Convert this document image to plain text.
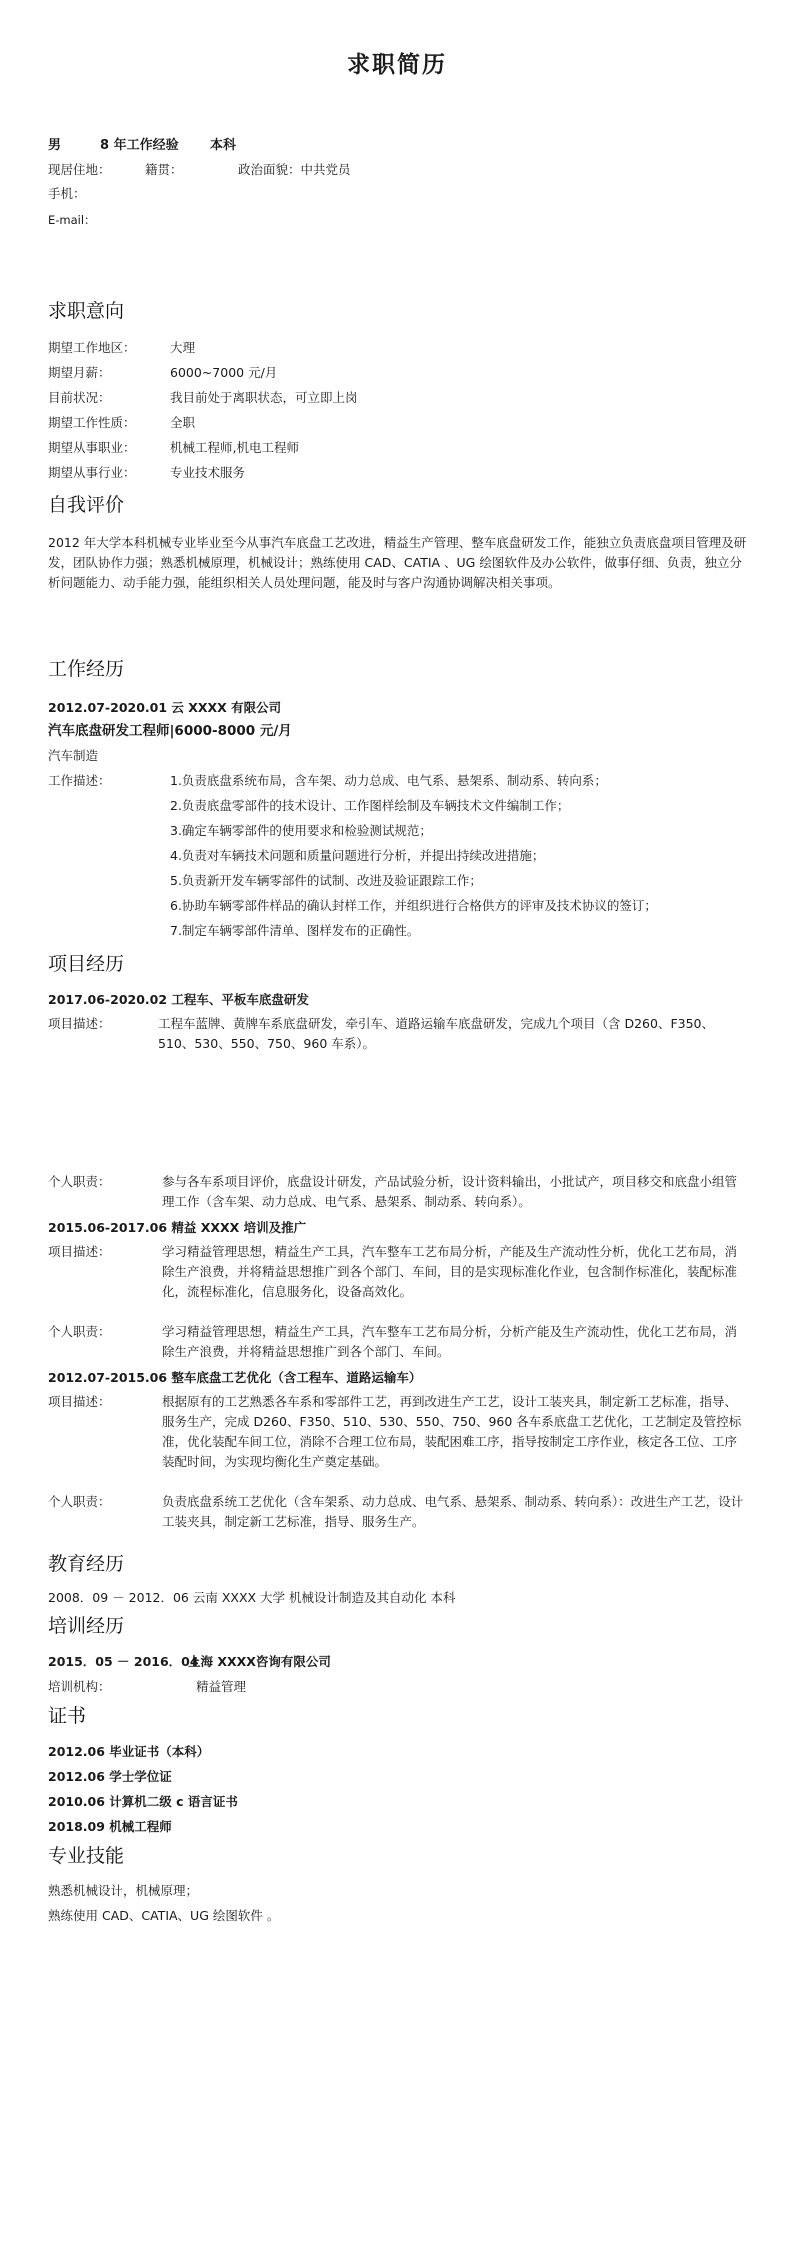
求职简历
男	8 年工作经验 本科
现居住地：	籍贯：	政治面貌：中共党员
手机：
E-mail：
求职意向
期望工作地区：	大理
期望月薪：	6000~7000 元/月
目前状况：	我目前处于离职状态，可立即上岗
期望工作性质：	全职
期望从事职业：	机械工程师,机电工程师
期望从事行业：	专业技术服务
自我评价
2012 年大学本科机械专业毕业至今从事汽车底盘工艺改进，精益生产管理、整车底盘研发工作，能独立负责底盘项目管理及研发，团队协作力强；熟悉机械原理，机械设计；熟练使用 CAD、CATIA 、UG 绘图软件及办公软件，做事仔细、负责，独立分析问题能力、动手能力强，能组织相关人员处理问题，能及时与客户沟通协调解决相关事项。
工作经历
2012.07-2020.01 云 XXXX 有限公司
汽车底盘研发工程师|6000-8000 元/月
汽车制造
工作描述：	1.负责底盘系统布局，含车架、动力总成、电气系、悬架系、制动系、转向系；
2.负责底盘零部件的技术设计、工作图样绘制及车辆技术文件编制工作；
3.确定车辆零部件的使用要求和检验测试规范；
4.负责对车辆技术问题和质量问题进行分析，并提出持续改进措施；
5.负责新开发车辆零部件的试制、改进及验证跟踪工作；
6.协助车辆零部件样品的确认封样工作，并组织进行合格供方的评审及技术协议的签订；
7.制定车辆零部件清单、图样发布的正确性。
项目经历
2017.06-2020.02 工程车、平板车底盘研发
项目描述：	工程车蓝牌、黄牌车系底盘研发，牵引车、道路运输车底盘研发，完成九个项目（含 D260、F350、510、530、550、750、960 车系）。
个人职责：	参与各车系项目评价，底盘设计研发，产品试验分析，设计资料输出，小批试产，项目移交和底盘小组管理工作（含车架、动力总成、电气系、悬架系、制动系、转向系）。
2015.06-2017.06 精益 XXXX 培训及推广
项目描述：	学习精益管理思想，精益生产工具，汽车整车工艺布局分析，产能及生产流动性分析，优化工艺布局，消除生产浪费，并将精益思想推广到各个部门、车间，目的是实现标准化作业，包含制作标准化，装配标准化，流程标准化，信息服务化，设备高效化。
个人职责：	学习精益管理思想，精益生产工具，汽车整车工艺布局分析，分析产能及生产流动性，优化工艺布局，消除生产浪费，并将精益思想推广到各个部门、车间。
2012.07-2015.06 整车底盘工艺优化（含工程车、道路运输车）
项目描述：	根据原有的工艺熟悉各车系和零部件工艺，再到改进生产工艺，设计工装夹具，制定新工艺标准，指导、服务生产，完成 D260、F350、510、530、550、750、960 各车系底盘工艺优化，工艺制定及管控标准，优化装配车间工位，消除不合理工位布局，装配困难工序，指导按制定工序作业，核定各工位、工序装配时间，为实现均衡化生产奠定基础。
个人职责：	负责底盘系统工艺优化（含车架系、动力总成、电气系、悬架系、制动系、转向系）：改进生产工艺，设计工装夹具，制定新工艺标准，指导、服务生产。
教育经历
2008．09 － 2012．06 云南 XXXX 大学 机械设计制造及其自动化 本科
培训经历
2015．05 － 2016．04
上海 XXXX咨询有限公司
培训机构：	精益管理
证书
2012.06 毕业证书（本科）
2012.06 学士学位证
2010.06 计算机二级 c 语言证书
2018.09 机械工程师
专业技能
熟悉机械设计，机械原理；
熟练使用 CAD、CATIA、UG 绘图软件 。
